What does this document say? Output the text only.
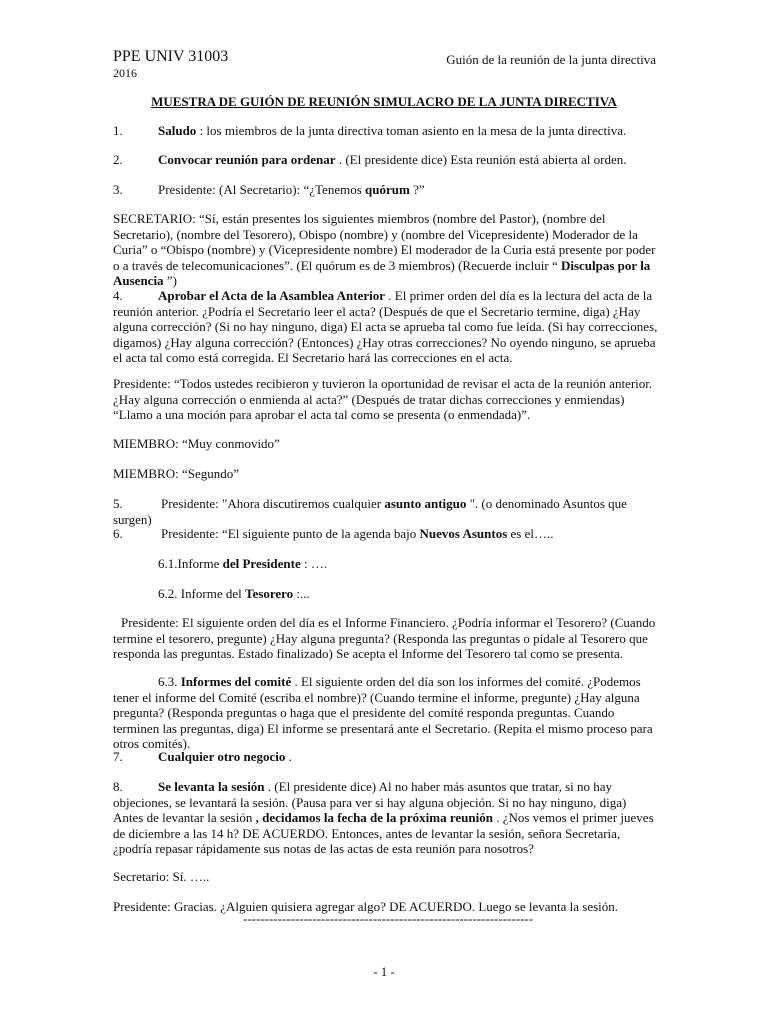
PPE UNIV 31003
2016
Guión de la reunión de la junta directiva
MUESTRA DE GUIÓN DE REUNIÓN SIMULACRO DE LA JUNTA DIRECTIVA
1.	Saludo : los miembros de la junta directiva toman asiento en la mesa de la junta directiva.
2.	Convocar reunión para ordenar . (El presidente dice) Esta reunión está abierta al orden.
3.	Presidente: (Al Secretario): “¿Tenemos quórum ?”
SECRETARIO: “Sí, están presentes los siguientes miembros (nombre del Pastor), (nombre del Secretario), (nombre del Tesorero), Obispo (nombre) y (nombre del Vicepresidente) Moderador de la Curia” o “Obispo (nombre) y (Vicepresidente nombre) El moderador de la Curia está presente por poder o a través de telecomunicaciones”. (El quórum es de 3 miembros) (Recuerde incluir “ Disculpas por la Ausencia ”)
4.	Aprobar el Acta de la Asamblea Anterior . El primer orden del día es la lectura del acta de la reunión anterior. ¿Podría el Secretario leer el acta? (Después de que el Secretario termine, diga) ¿Hay alguna corrección? (Si no hay ninguno, diga) El acta se aprueba tal como fue leída. (Si hay correcciones, digamos) ¿Hay alguna corrección? (Entonces) ¿Hay otras correcciones? No oyendo ninguno, se aprueba el acta tal como está corregida. El Secretario hará las correcciones en el acta.
Presidente: “Todos ustedes recibieron y tuvieron la oportunidad de revisar el acta de la reunión anterior. ¿Hay alguna corrección o enmienda al acta?” (Después de tratar dichas correcciones y enmiendas) “Llamo a una moción para aprobar el acta tal como se presenta (o enmendada)”.
MIEMBRO: “Muy conmovido”
MIEMBRO: “Segundo”
5.	Presidente: "Ahora discutiremos cualquier asunto antiguo ". (o denominado Asuntos que surgen)
6.	Presidente: “El siguiente punto de la agenda bajo Nuevos Asuntos es el…..
6.1.Informe del Presidente : ….
6.2. Informe del Tesorero :...
Presidente: El siguiente orden del día es el Informe Financiero. ¿Podría informar el Tesorero? (Cuando termine el tesorero, pregunte) ¿Hay alguna pregunta? (Responda las preguntas o pídale al Tesorero que responda las preguntas. Estado finalizado) Se acepta el Informe del Tesorero tal como se presenta.
6.3. Informes del comité . El siguiente orden del día son los informes del comité. ¿Podemos tener el informe del Comité (escriba el nombre)? (Cuando termine el informe, pregunte) ¿Hay alguna pregunta? (Responda preguntas o haga que el presidente del comité responda preguntas. Cuando terminen las preguntas, diga) El informe se presentará ante el Secretario. (Repita el mismo proceso para otros comités).
7.	Cualquier otro negocio .
8.	Se levanta la sesión . (El presidente dice) Al no haber más asuntos que tratar, si no hay objeciones, se levantará la sesión. (Pausa para ver si hay alguna objeción. Si no hay ninguno, diga) Antes de levantar la sesión , decidamos la fecha de la próxima reunión . ¿Nos vemos el primer jueves de diciembre a las 14 h? DE ACUERDO. Entonces, antes de levantar la sesión, señora Secretaria, ¿podría repasar rápidamente sus notas de las actas de esta reunión para nosotros?
Secretario: Sí. …..
Presidente: Gracias. ¿Alguien quisiera agregar algo? DE ACUERDO. Luego se levanta la sesión.
-------------------------------------------------------------------
- 1 -
